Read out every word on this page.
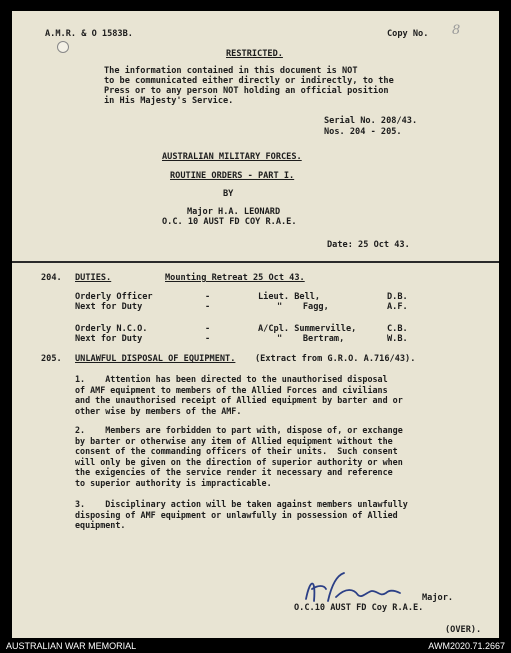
A.M.R. & O 1583B.	Copy No. 8
RESTRICTED.
The information contained in this document is NOT
to be communicated either directly or indirectly, to the
Press or to any person NOT holding an official position
in His Majesty's Service.
Serial No. 208/43.
Nos. 204 - 205.
AUSTRALIAN MILITARY FORCES.
ROUTINE ORDERS - PART I.
BY
Major H.A. LEONARD
O.C. 10 AUST FD COY R.A.E.
Date: 25 Oct 43.
204. DUTIES.	Mounting Retreat 25 Oct 43.
Orderly Officer	-	Lieut. Bell,	D.B.
Next for Duty	-	"    Fagg,	A.F.
Orderly N.C.O.	-	A/Cpl. Summerville,	C.B.
Next for Duty	-	"    Bertram,	W.B.
205. UNLAWFUL DISPOSAL OF EQUIPMENT. (Extract from G.R.O. A.716/43).
1.    Attention has been directed to the unauthorised disposal
of AMF equipment to members of the Allied Forces and civilians
and the unauthorised receipt of Allied equipment by barter and or
other wise by members of the AMF.
2.    Members are forbidden to part with, dispose of, or exchange
by barter or otherwise any item of Allied equipment without the
consent of the commanding officers of their units.  Such consent
will only be given on the direction of superior authority or when
the exigencies of the service render it necessary and reference
to superior authority is impracticable.
3.    Disciplinary action will be taken against members unlawfully
disposing of AMF equipment or unlawfully in possession of Allied
equipment.
Major.
O.C.10 AUST FD Coy R.A.E.
(OVER).
AUSTRALIAN WAR MEMORIAL	AWM2020.71.2667
